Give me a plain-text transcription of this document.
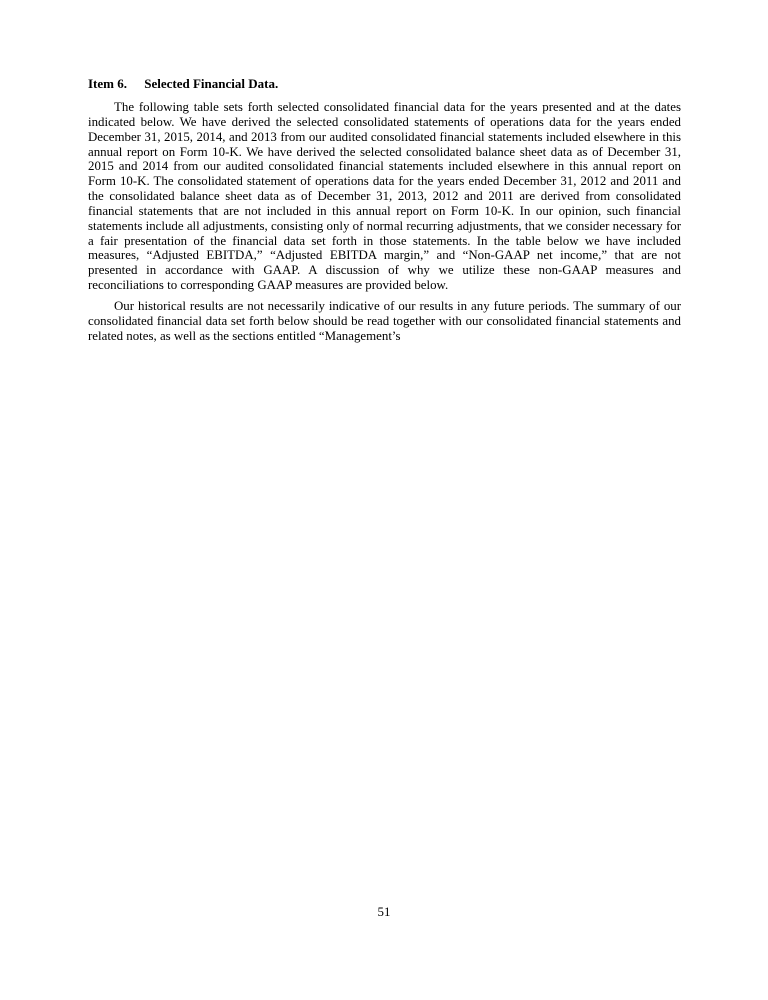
Item 6. Selected Financial Data.

The following table sets forth selected consolidated financial data for the years presented and at the dates indicated below. We have derived the selected consolidated statements of operations data for the years ended December 31, 2015, 2014, and 2013 from our audited consolidated financial statements included elsewhere in this annual report on Form 10-K. We have derived the selected consolidated balance sheet data as of December 31, 2015 and 2014 from our audited consolidated financial statements included elsewhere in this annual report on Form 10-K. The consolidated statement of operations data for the years ended December 31, 2012 and 2011 and the consolidated balance sheet data as of December 31, 2013, 2012 and 2011 are derived from consolidated financial statements that are not included in this annual report on Form 10-K. In our opinion, such financial statements include all adjustments, consisting only of normal recurring adjustments, that we consider necessary for a fair presentation of the financial data set forth in those statements. In the table below we have included measures, “Adjusted EBITDA,” “Adjusted EBITDA margin,” and “Non-GAAP net income,” that are not presented in accordance with GAAP. A discussion of why we utilize these non-GAAP measures and reconciliations to corresponding GAAP measures are provided below.

Our historical results are not necessarily indicative of our results in any future periods. The summary of our consolidated financial data set forth below should be read together with our consolidated financial statements and related notes, as well as the sections entitled “Management’s

51
